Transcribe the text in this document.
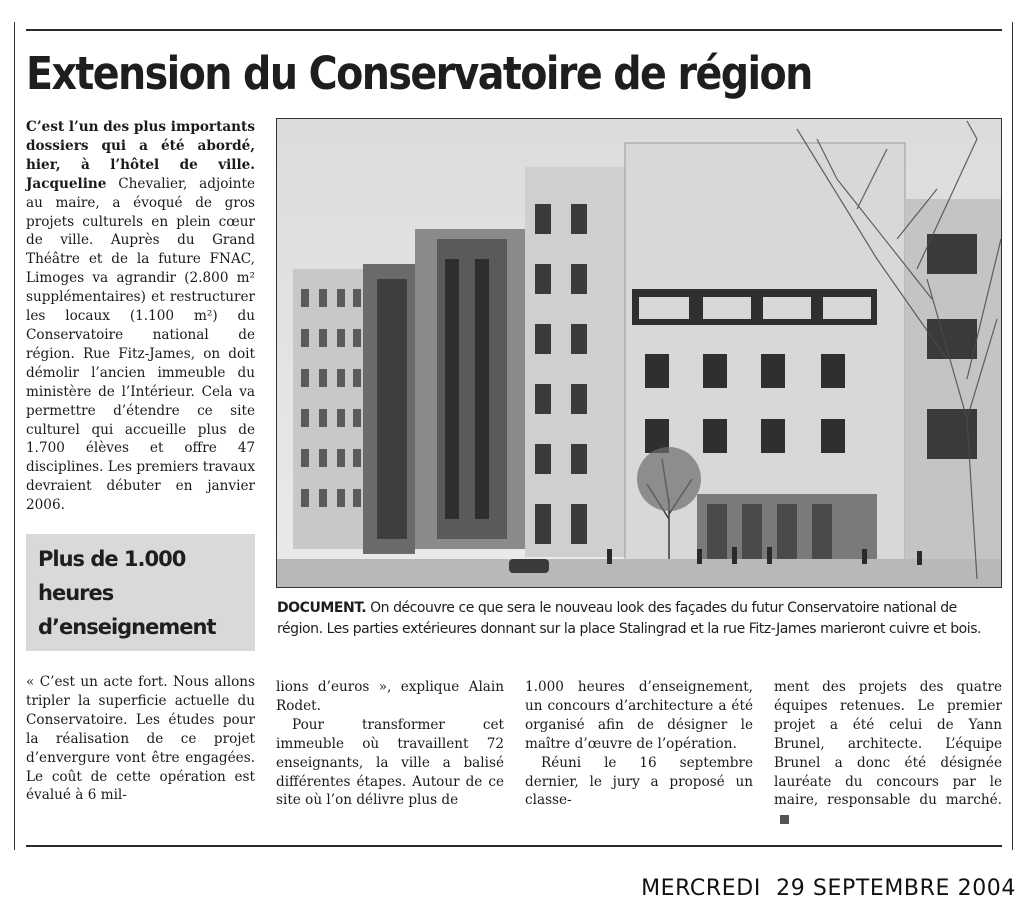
Extension du Conservatoire de région

C’est l’un des plus importants dossiers qui a été abordé, hier, à l’hôtel de ville. Jacqueline Chevalier, adjointe au maire, a évoqué de gros projets culturels en plein cœur de ville. Auprès du Grand Théâtre et de la future FNAC, Limoges va agrandir (2.800 m² supplémentaires) et restructurer les locaux (1.100 m²) du Conservatoire national de région. Rue Fitz-James, on doit démolir l’ancien immeuble du ministère de l’Intérieur. Cela va permettre d’étendre ce site culturel qui accueille plus de 1.700 élèves et offre 47 disciplines. Les premiers travaux devraient débuter en janvier 2006.

Plus de 1.000 heures d’enseignement
DOCUMENT. On découvre ce que sera le nouveau look des façades du futur Conservatoire national de région. Les parties extérieures donnant sur la place Stalingrad et la rue Fitz-James marieront cuivre et bois.

« C’est un acte fort. Nous allons tripler la superficie actuelle du Conservatoire. Les études pour la réalisation de ce projet d’envergure vont être engagées. Le coût de cette opération est évalué à 6 mil-

lions d’euros », explique Alain Rodet.

Pour transformer cet immeuble où travaillent 72 enseignants, la ville a balisé différentes étapes. Autour de ce site où l’on délivre plus de

1.000 heures d’enseignement, un concours d’architecture a été organisé afin de désigner le maître d’œuvre de l’opération.

Réuni le 16 septembre dernier, le jury a proposé un classe-

ment des projets des quatre équipes retenues. Le premier projet a été celui de Yann Brunel, architecte. L’équipe Brunel a donc été désignée lauréate du concours par le maire, responsable du marché.

MERCREDI  29 SEPTEMBRE 2004
